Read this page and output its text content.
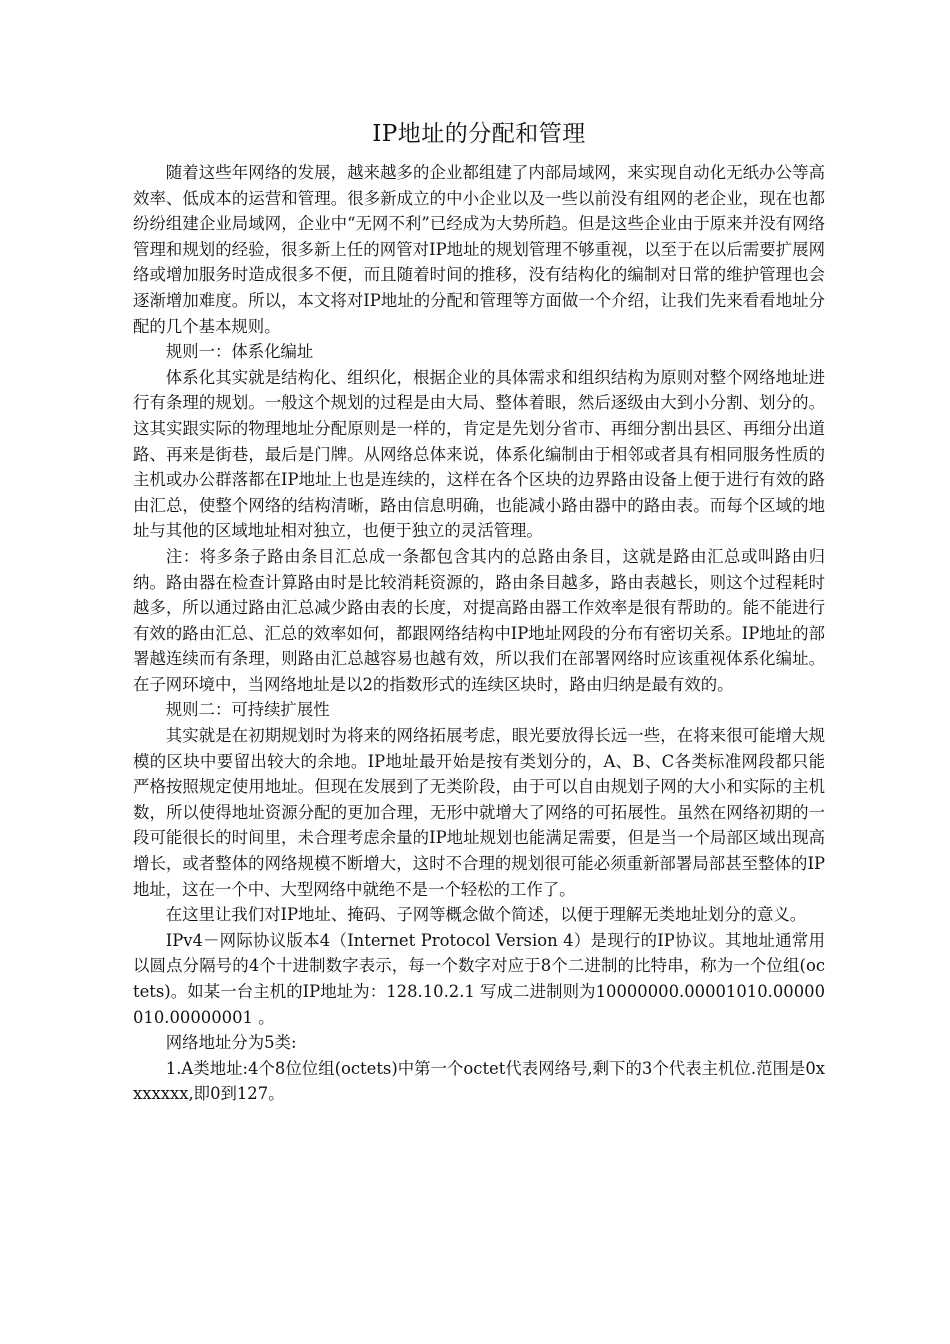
IP地址的分配和管理

随着这些年网络的发展，越来越多的企业都组建了内部局域网，来实现自动化无纸办公等高效率、低成本的运营和管理。很多新成立的中小企业以及一些以前没有组网的老企业，现在也都纷纷组建企业局域网，企业中“无网不利”已经成为大势所趋。但是这些企业由于原来并没有网络管理和规划的经验，很多新上任的网管对IP地址的规划管理不够重视，以至于在以后需要扩展网络或增加服务时造成很多不便，而且随着时间的推移，没有结构化的编制对日常的维护管理也会逐渐增加难度。所以，本文将对IP地址的分配和管理等方面做一个介绍，让我们先来看看地址分配的几个基本规则。

规则一：体系化编址

体系化其实就是结构化、组织化，根据企业的具体需求和组织结构为原则对整个网络地址进行有条理的规划。一般这个规划的过程是由大局、整体着眼，然后逐级由大到小分割、划分的。这其实跟实际的物理地址分配原则是一样的，肯定是先划分省市、再细分割出县区、再细分出道路、再来是街巷，最后是门牌。从网络总体来说，体系化编制由于相邻或者具有相同服务性质的主机或办公群落都在IP地址上也是连续的，这样在各个区块的边界路由设备上便于进行有效的路由汇总，使整个网络的结构清晰，路由信息明确，也能减小路由器中的路由表。而每个区域的地址与其他的区域地址相对独立，也便于独立的灵活管理。

注：将多条子路由条目汇总成一条都包含其内的总路由条目，这就是路由汇总或叫路由归纳。路由器在检查计算路由时是比较消耗资源的，路由条目越多，路由表越长，则这个过程耗时越多，所以通过路由汇总减少路由表的长度，对提高路由器工作效率是很有帮助的。能不能进行有效的路由汇总、汇总的效率如何，都跟网络结构中IP地址网段的分布有密切关系。IP地址的部署越连续而有条理，则路由汇总越容易也越有效，所以我们在部署网络时应该重视体系化编址。在子网环境中，当网络地址是以2的指数形式的连续区块时，路由归纳是最有效的。

规则二：可持续扩展性

其实就是在初期规划时为将来的网络拓展考虑，眼光要放得长远一些，在将来很可能增大规模的区块中要留出较大的余地。IP地址最开始是按有类划分的，A、B、C各类标准网段都只能严格按照规定使用地址。但现在发展到了无类阶段，由于可以自由规划子网的大小和实际的主机数，所以使得地址资源分配的更加合理，无形中就增大了网络的可拓展性。虽然在网络初期的一段可能很长的时间里，未合理考虑余量的IP地址规划也能满足需要，但是当一个局部区域出现高增长，或者整体的网络规模不断增大，这时不合理的规划很可能必须重新部署局部甚至整体的IP地址，这在一个中、大型网络中就绝不是一个轻松的工作了。

在这里让我们对IP地址、掩码、子网等概念做个简述，以便于理解无类地址划分的意义。

IPv4－网际协议版本4（Internet Protocol Version 4）是现行的IP协议。其地址通常用以圆点分隔号的4个十进制数字表示，每一个数字对应于8个二进制的比特串，称为一个位组(octets)。如某一台主机的IP地址为：128.10.2.1 写成二进制则为10000000.00001010.00000010.00000001 。

网络地址分为5类:

1.A类地址:4个8位位组(octets)中第一个octet代表网络号,剩下的3个代表主机位.范围是0xxxxxxx,即0到127。
